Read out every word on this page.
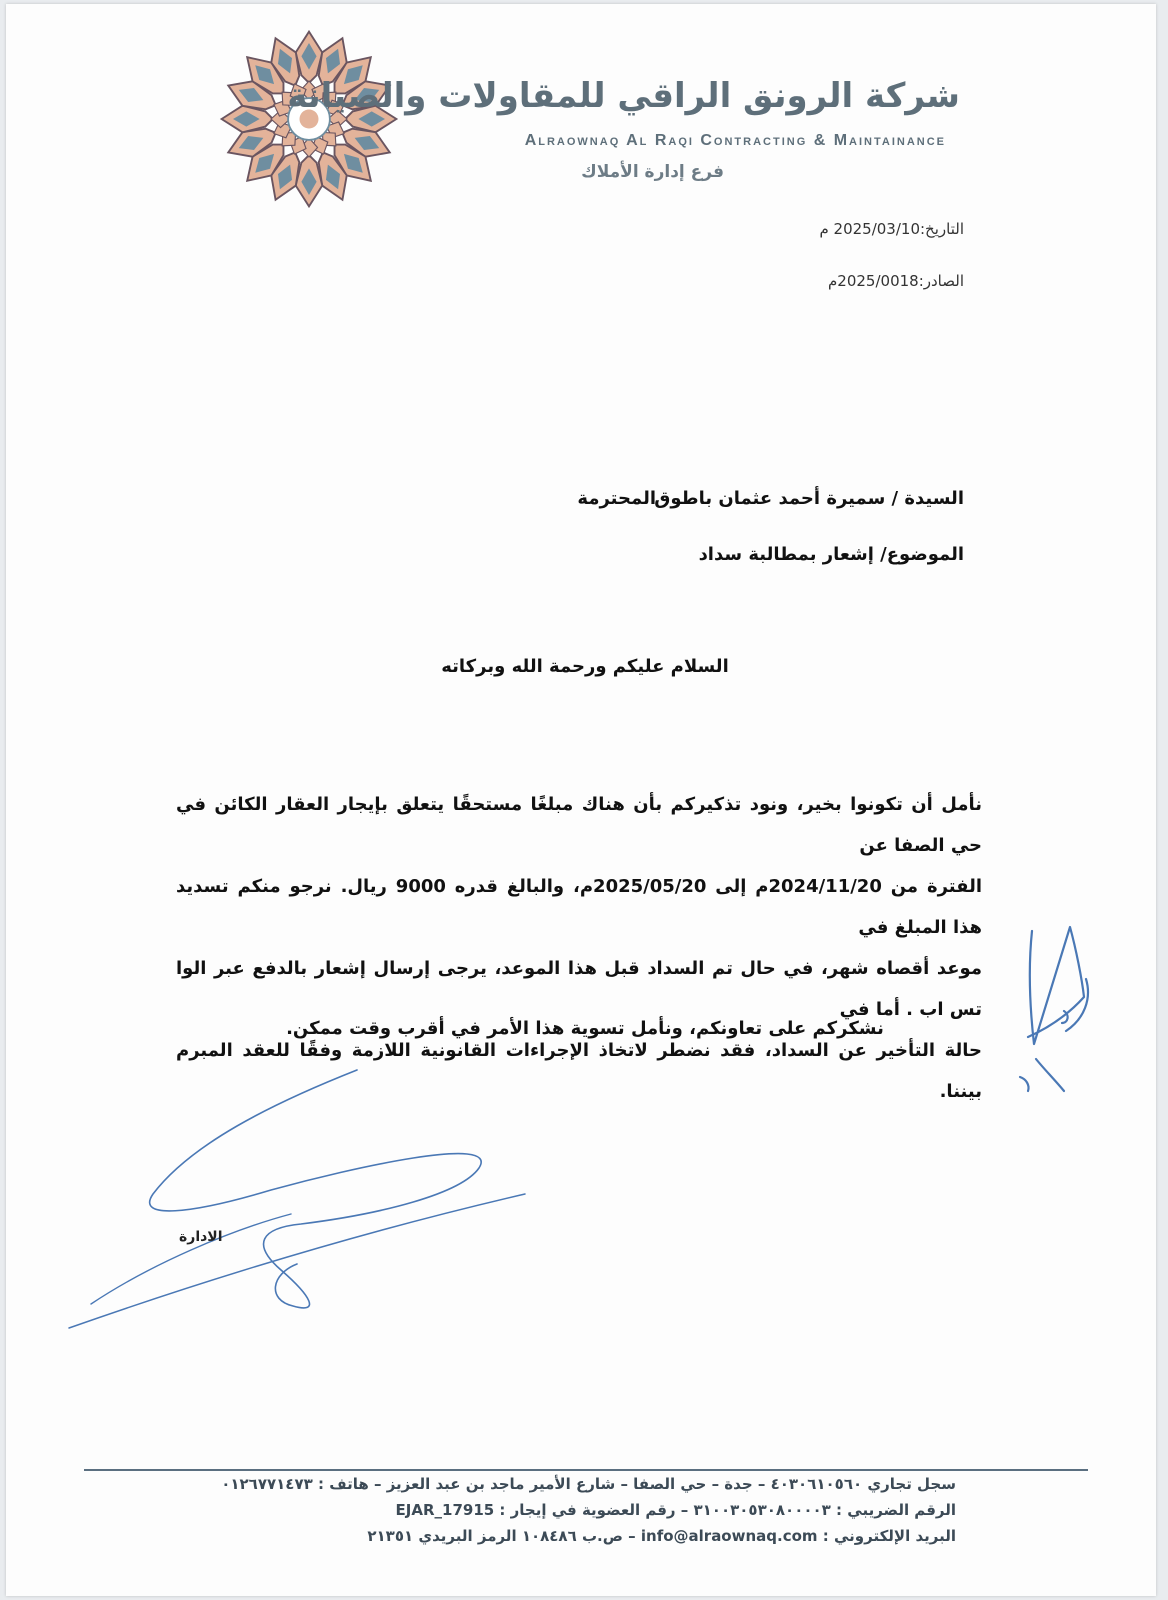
شركة الرونق الراقي للمقاولات والصيانة
Alraownaq Al Raqi Contracting & Maintainance
فرع إدارة الأملاك
التاريخ:2025/03/10 م
الصادر:2025/0018م
السيدة / سميرة أحمد عثمان باطوق
المحترمة
الموضوع/ إشعار بمطالبة سداد
السلام عليكم ورحمة الله وبركاته
نأمل أن تكونوا بخير، ونود تذكيركم بأن هناك مبلغًا مستحقًا يتعلق بإيجار العقار الكائن في حي الصفا عن
الفترة من 2024/11/20م إلى 2025/05/20م، والبالغ قدره 9000 ريال. نرجو منكم تسديد هذا المبلغ في
موعد أقصاه شهر، في حال تم السداد قبل هذا الموعد، يرجى إرسال إشعار بالدفع عبر الوا تس اب . أما في
حالة التأخير عن السداد، فقد نضطر لاتخاذ الإجراءات القانونية اللازمة وفقًا للعقد المبرم بيننا.
نشكركم على تعاونكم، ونأمل تسوية هذا الأمر في أقرب وقت ممكن.
الادارة
سجل تجاري ٤٠٣٠٦١٠٥٦٠ – جدة – حي الصفا – شارع الأمير ماجد بن عبد العزيز – هاتف : ٠١٢٦٧٧١٤٧٣
الرقم الضريبي : ٣١٠٠٣٠٥٣٠٨٠٠٠٠٣ – رقم العضوية في إيجار : EJAR_17915
البريد الإلكتروني : info@alraownaq.com – ص.ب ١٠٨٤٨٦ الرمز البريدي ٢١٣٥١
